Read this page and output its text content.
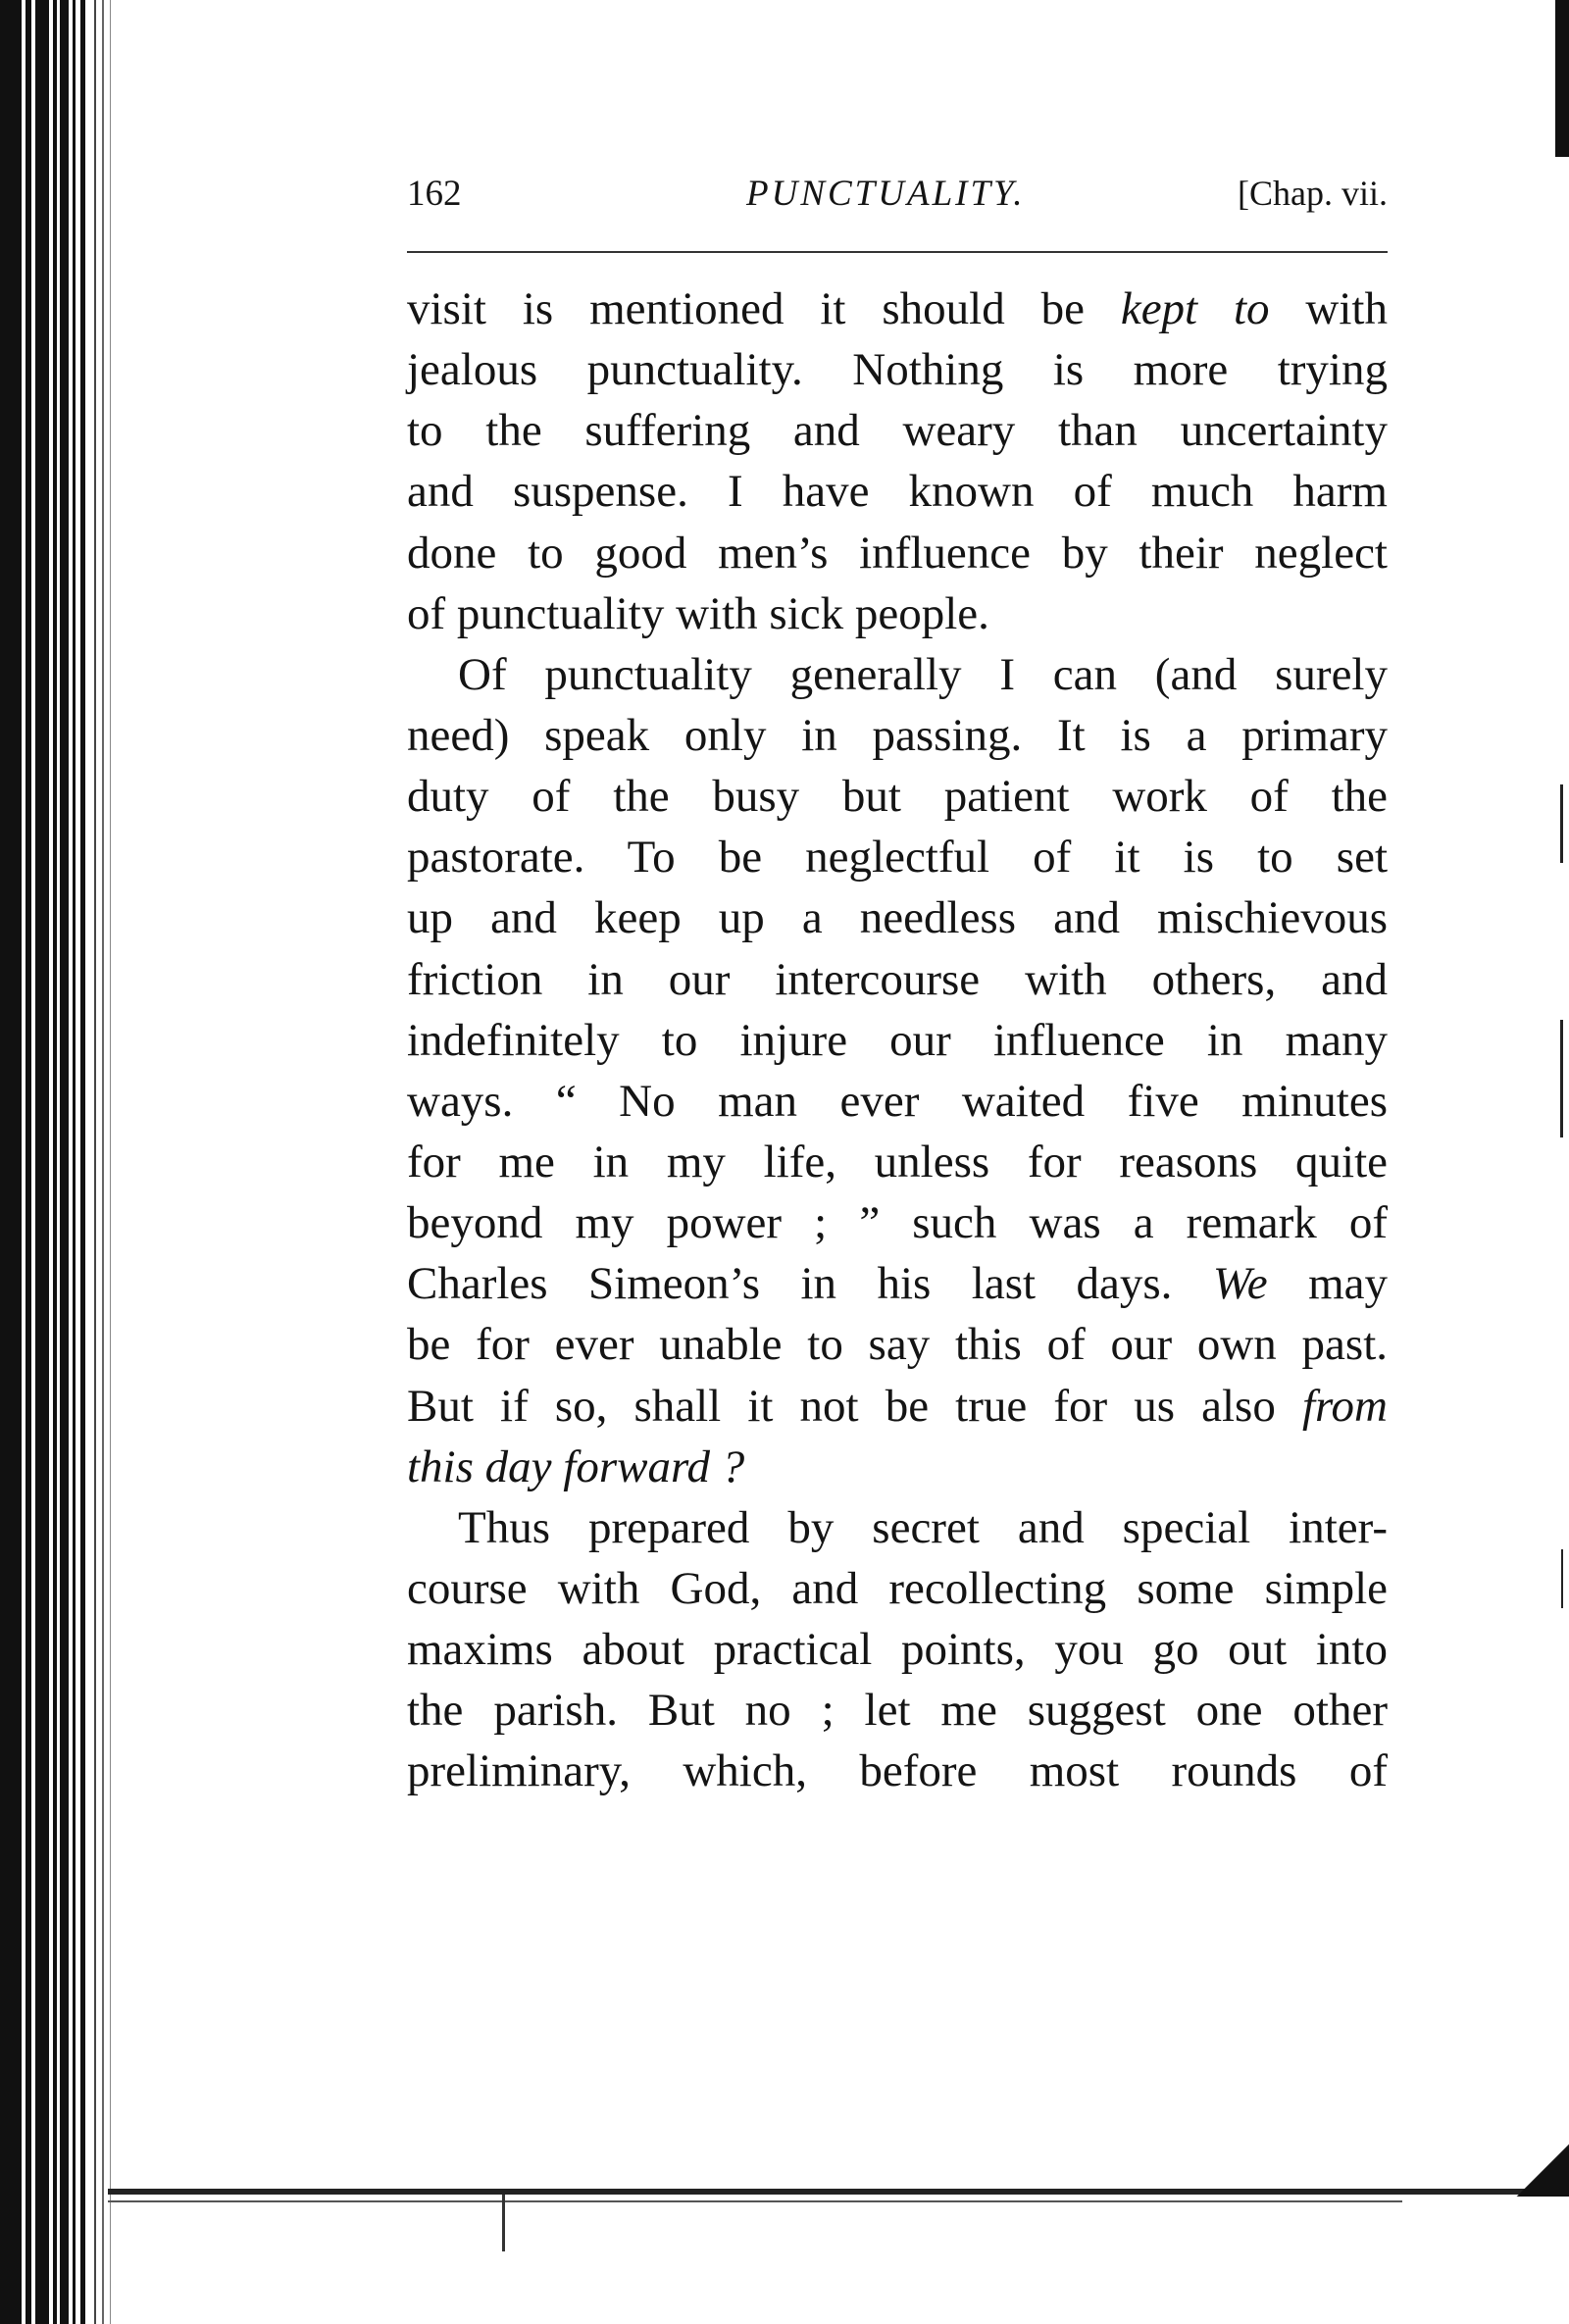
162	PUNCTUALITY.	[Chap. vii.
visit is mentioned it should be kept to with
jealous punctuality. Nothing is more trying
to the suffering and weary than uncertainty
and suspense. I have known of much harm
done to good men’s influence by their neglect
of punctuality with sick people.
Of punctuality generally I can (and surely
need) speak only in passing. It is a primary
duty of the busy but patient work of the
pastorate. To be neglectful of it is to set
up and keep up a needless and mischievous
friction in our intercourse with others, and
indefinitely to injure our influence in many
ways. “ No man ever waited five minutes
for me in my life, unless for reasons quite
beyond my power ; ” such was a remark of
Charles Simeon’s in his last days. We may
be for ever unable to say this of our own past.
But if so, shall it not be true for us also from
this day forward ?
Thus prepared by secret and special inter-
course with God, and recollecting some simple
maxims about practical points, you go out into
the parish. But no ; let me suggest one other
preliminary, which, before most rounds of
